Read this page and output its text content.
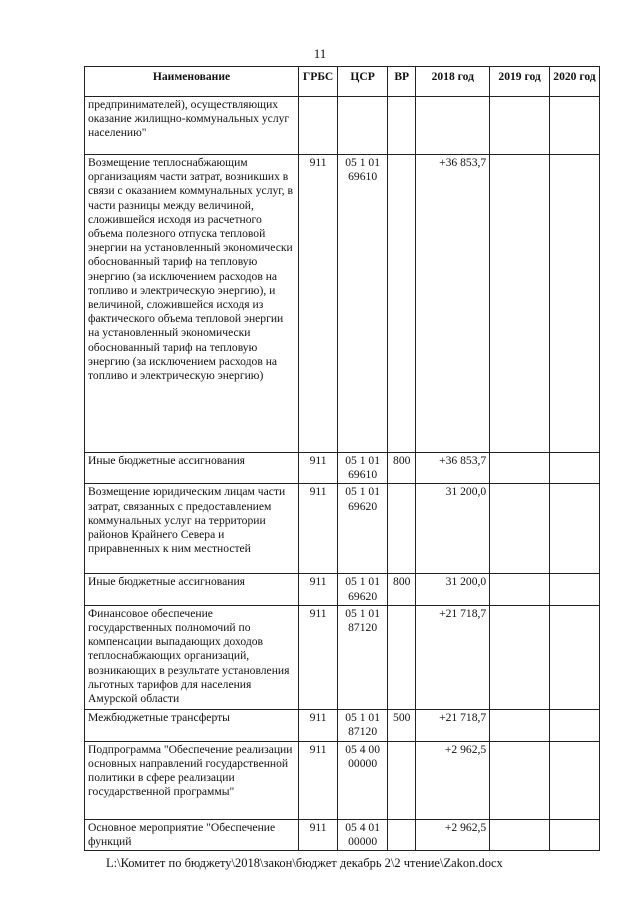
11
Наименование	ГРБС	ЦСР	ВР	2018 год	2019 год	2020 год
предпринимателей), осуществляющих оказание жилищно-коммунальных услуг населению"						
Возмещение теплоснабжающим организациям части затрат, возникших в связи с оказанием коммунальных услуг, в части разницы между величиной, сложившейся исходя из расчетного объема полезного отпуска тепловой энергии на установленный экономически обоснованный тариф на тепловую энергию (за исключением расходов на топливо и электрическую энергию), и величиной, сложившейся исходя из фактического объема тепловой энергии на установленный экономически обоснованный тариф на тепловую энергию (за исключением расходов на топливо и электрическую энергию)	911	05 1 01 69610		+36 853,7		
Иные бюджетные ассигнования	911	05 1 01 69610	800	+36 853,7		
Возмещение юридическим лицам части затрат, связанных с предоставлением коммунальных услуг на территории районов Крайнего Севера и приравненных к ним местностей	911	05 1 01 69620		31 200,0		
Иные бюджетные ассигнования	911	05 1 01 69620	800	31 200,0		
Финансовое обеспечение государственных полномочий по компенсации выпадающих доходов теплоснабжающих организаций, возникающих в результате установления льготных тарифов для населения Амурской области	911	05 1 01 87120		+21 718,7		
Межбюджетные трансферты	911	05 1 01 87120	500	+21 718,7		
Подпрограмма "Обеспечение реализации основных направлений государственной политики в сфере реализации государственной программы"	911	05 4 00 00000		+2 962,5		
Основное мероприятие "Обеспечение функций	911	05 4 01 00000		+2 962,5		
L:\Комитет по бюджету\2018\закон\бюджет декабрь 2\2 чтение\Zakon.docx
